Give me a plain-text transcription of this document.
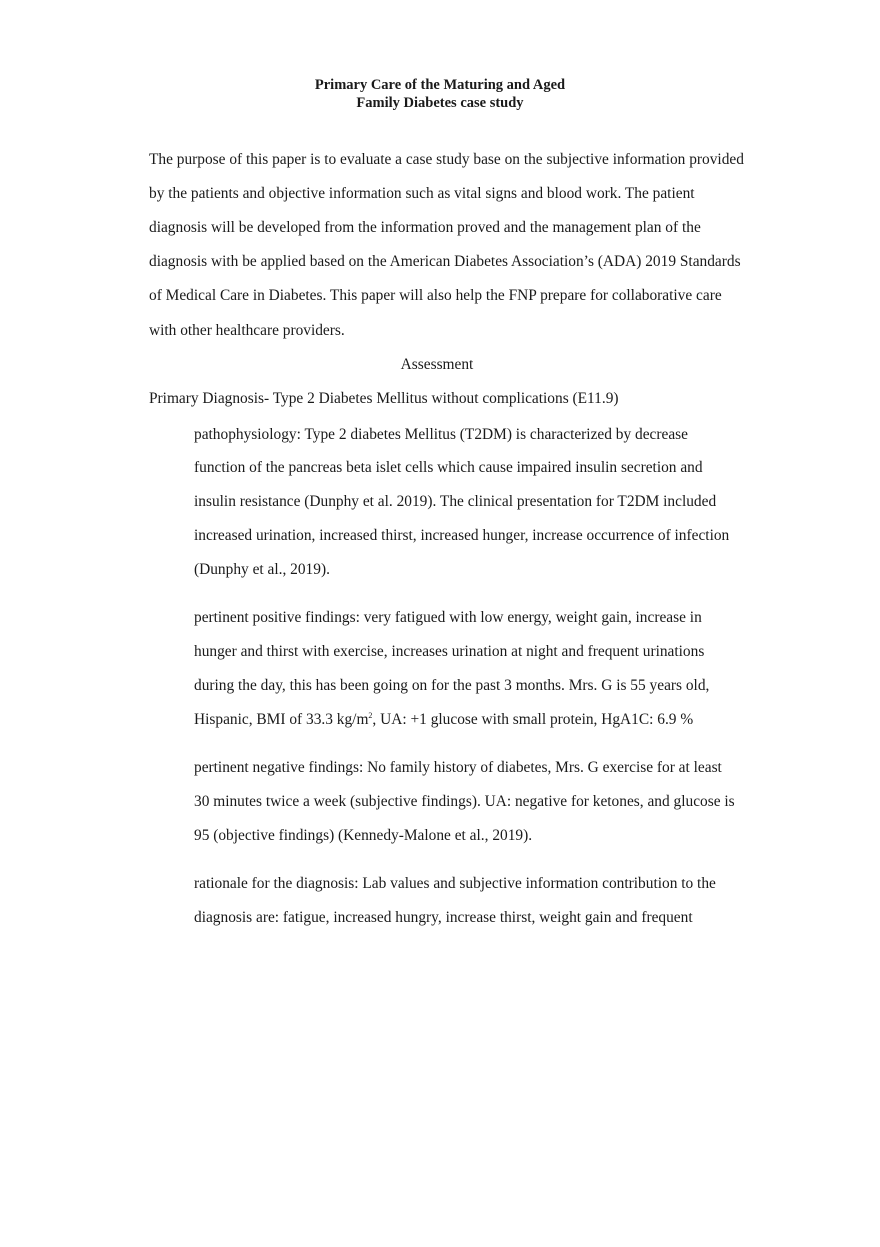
Primary Care of the Maturing and Aged
Family Diabetes case study
The purpose of this paper is to evaluate a case study base on the subjective information provided
by the patients and objective information such as vital signs and blood work. The patient
diagnosis will be developed from the information proved and the management plan of the
diagnosis with be applied based on the American Diabetes Association’s (ADA) 2019 Standards
of Medical Care in Diabetes. This paper will also help the FNP prepare for collaborative care
with other healthcare providers.
Assessment
Primary Diagnosis- Type 2 Diabetes Mellitus without complications (E11.9)
pathophysiology: Type 2 diabetes Mellitus (T2DM) is characterized by decrease
function of the pancreas beta islet cells which cause impaired insulin secretion and
insulin resistance (Dunphy et al. 2019). The clinical presentation for T2DM included
increased urination, increased thirst, increased hunger, increase occurrence of infection
(Dunphy et al., 2019).
pertinent positive findings: very fatigued with low energy, weight gain, increase in
hunger and thirst with exercise, increases urination at night and frequent urinations
during the day, this has been going on for the past 3 months. Mrs. G is 55 years old,
Hispanic, BMI of 33.3 $kg/m^2$, UA: +1 glucose with small protein, HgA1C: 6.9 %
pertinent negative findings: No family history of diabetes, Mrs. G exercise for at least
30 minutes twice a week (subjective findings). UA: negative for ketones, and glucose is
95 (objective findings) (Kennedy-Malone et al., 2019).
rationale for the diagnosis: Lab values and subjective information contribution to the
diagnosis are: fatigue, increased hungry, increase thirst, weight gain and frequent
